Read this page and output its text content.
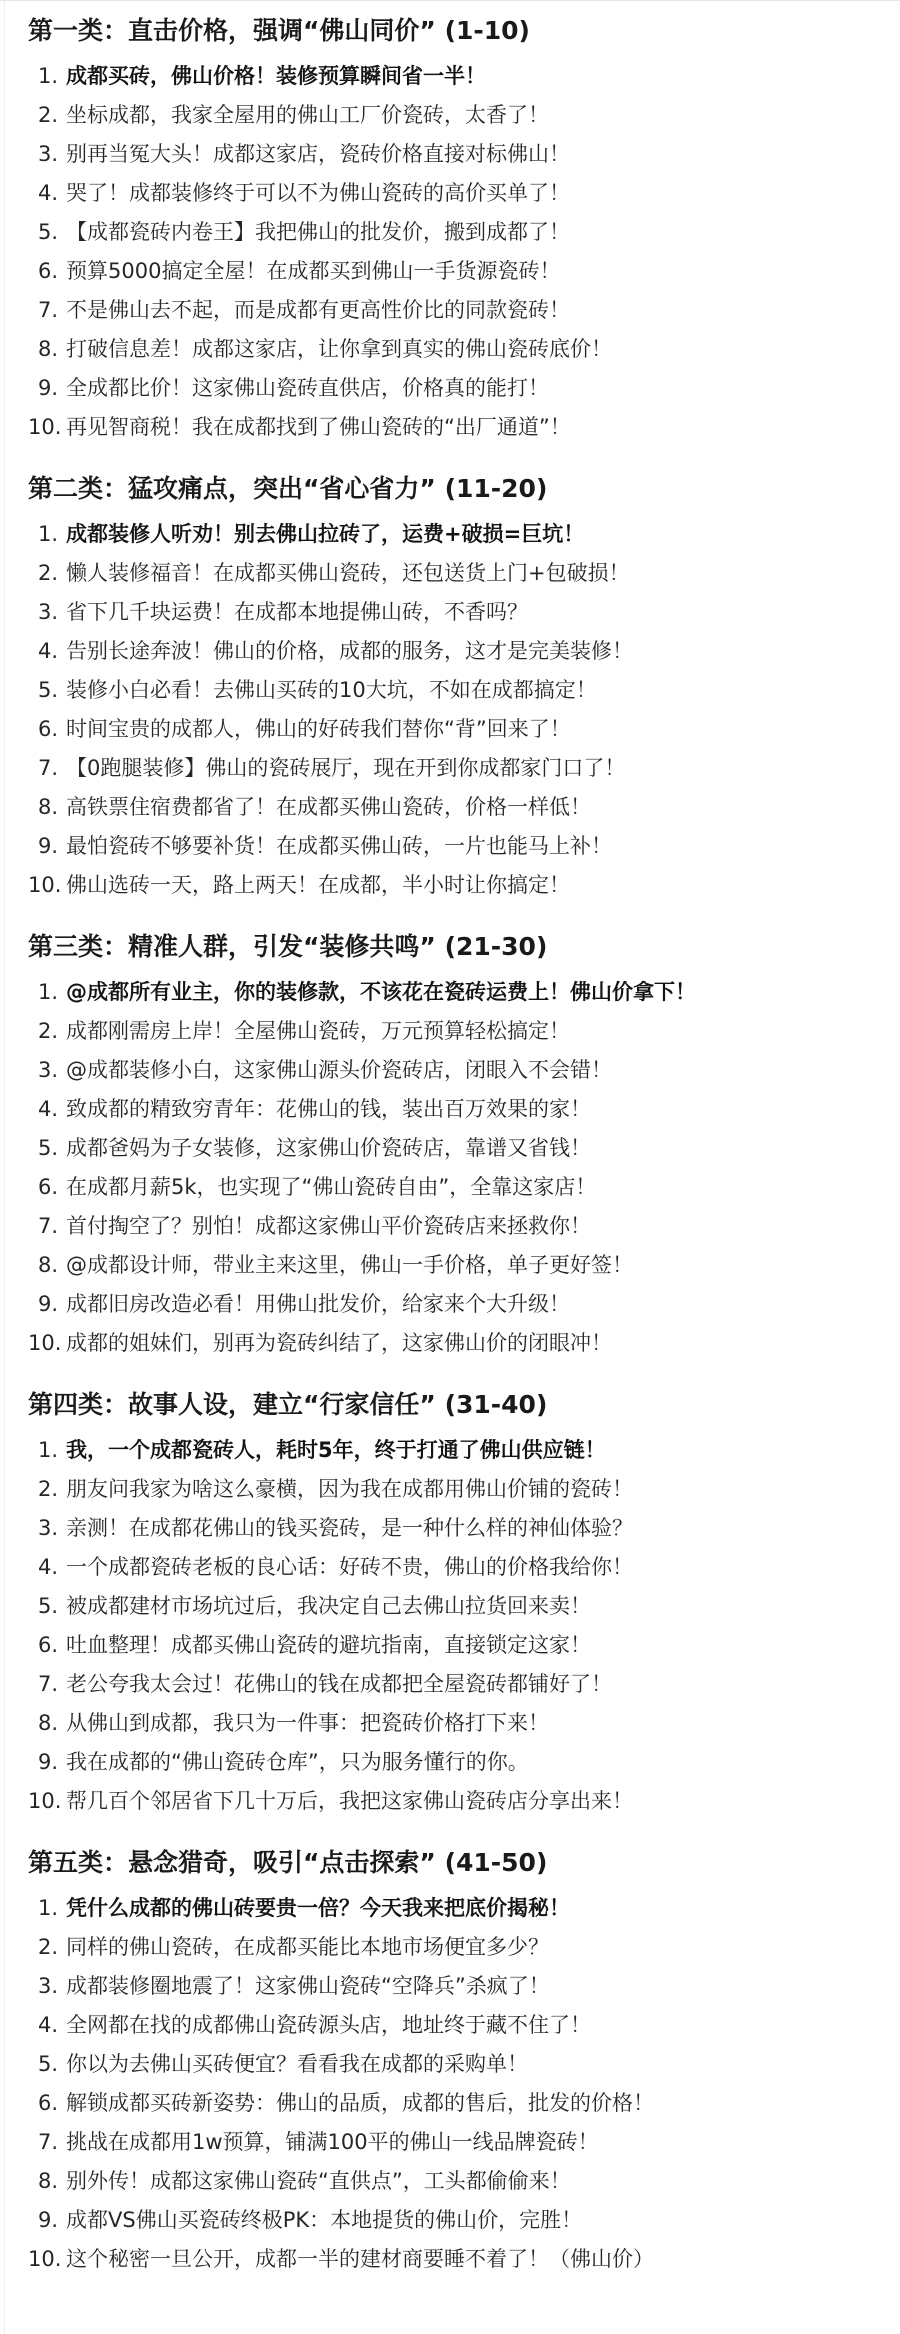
第一类：直击价格，强调“佛山同价” (1-10)
1. 成都买砖，佛山价格！装修预算瞬间省一半！
2. 坐标成都，我家全屋用的佛山工厂价瓷砖，太香了！
3. 别再当冤大头！成都这家店，瓷砖价格直接对标佛山！
4. 哭了！成都装修终于可以不为佛山瓷砖的高价买单了！
5. 【成都瓷砖内卷王】我把佛山的批发价，搬到成都了！
6. 预算5000搞定全屋！在成都买到佛山一手货源瓷砖！
7. 不是佛山去不起，而是成都有更高性价比的同款瓷砖！
8. 打破信息差！成都这家店，让你拿到真实的佛山瓷砖底价！
9. 全成都比价！这家佛山瓷砖直供店，价格真的能打！
10. 再见智商税！我在成都找到了佛山瓷砖的“出厂通道”！
第二类：猛攻痛点，突出“省心省力” (11-20)
1. 成都装修人听劝！别去佛山拉砖了，运费+破损=巨坑！
2. 懒人装修福音！在成都买佛山瓷砖，还包送货上门+包破损！
3. 省下几千块运费！在成都本地提佛山砖，不香吗？
4. 告别长途奔波！佛山的价格，成都的服务，这才是完美装修！
5. 装修小白必看！去佛山买砖的10大坑，不如在成都搞定！
6. 时间宝贵的成都人，佛山的好砖我们替你“背”回来了！
7. 【0跑腿装修】佛山的瓷砖展厅，现在开到你成都家门口了！
8. 高铁票住宿费都省了！在成都买佛山瓷砖，价格一样低！
9. 最怕瓷砖不够要补货！在成都买佛山砖，一片也能马上补！
10. 佛山选砖一天，路上两天！在成都，半小时让你搞定！
第三类：精准人群，引发“装修共鸣” (21-30)
1. @成都所有业主，你的装修款，不该花在瓷砖运费上！佛山价拿下！
2. 成都刚需房上岸！全屋佛山瓷砖，万元预算轻松搞定！
3. @成都装修小白，这家佛山源头价瓷砖店，闭眼入不会错！
4. 致成都的精致穷青年：花佛山的钱，装出百万效果的家！
5. 成都爸妈为子女装修，这家佛山价瓷砖店，靠谱又省钱！
6. 在成都月薪5k，也实现了“佛山瓷砖自由”，全靠这家店！
7. 首付掏空了？别怕！成都这家佛山平价瓷砖店来拯救你！
8. @成都设计师，带业主来这里，佛山一手价格，单子更好签！
9. 成都旧房改造必看！用佛山批发价，给家来个大升级！
10. 成都的姐妹们，别再为瓷砖纠结了，这家佛山价的闭眼冲！
第四类：故事人设，建立“行家信任” (31-40)
1. 我，一个成都瓷砖人，耗时5年，终于打通了佛山供应链！
2. 朋友问我家为啥这么豪横，因为我在成都用佛山价铺的瓷砖！
3. 亲测！在成都花佛山的钱买瓷砖，是一种什么样的神仙体验？
4. 一个成都瓷砖老板的良心话：好砖不贵，佛山的价格我给你！
5. 被成都建材市场坑过后，我决定自己去佛山拉货回来卖！
6. 吐血整理！成都买佛山瓷砖的避坑指南，直接锁定这家！
7. 老公夸我太会过！花佛山的钱在成都把全屋瓷砖都铺好了！
8. 从佛山到成都，我只为一件事：把瓷砖价格打下来！
9. 我在成都的“佛山瓷砖仓库”，只为服务懂行的你。
10. 帮几百个邻居省下几十万后，我把这家佛山瓷砖店分享出来！
第五类：悬念猎奇，吸引“点击探索” (41-50)
1. 凭什么成都的佛山砖要贵一倍？今天我来把底价揭秘！
2. 同样的佛山瓷砖，在成都买能比本地市场便宜多少？
3. 成都装修圈地震了！这家佛山瓷砖“空降兵”杀疯了！
4. 全网都在找的成都佛山瓷砖源头店，地址终于藏不住了！
5. 你以为去佛山买砖便宜？看看我在成都的采购单！
6. 解锁成都买砖新姿势：佛山的品质，成都的售后，批发的价格！
7. 挑战在成都用1w预算，铺满100平的佛山一线品牌瓷砖！
8. 别外传！成都这家佛山瓷砖“直供点”，工头都偷偷来！
9. 成都VS佛山买瓷砖终极PK：本地提货的佛山价，完胜！
10. 这个秘密一旦公开，成都一半的建材商要睡不着了！（佛山价）
